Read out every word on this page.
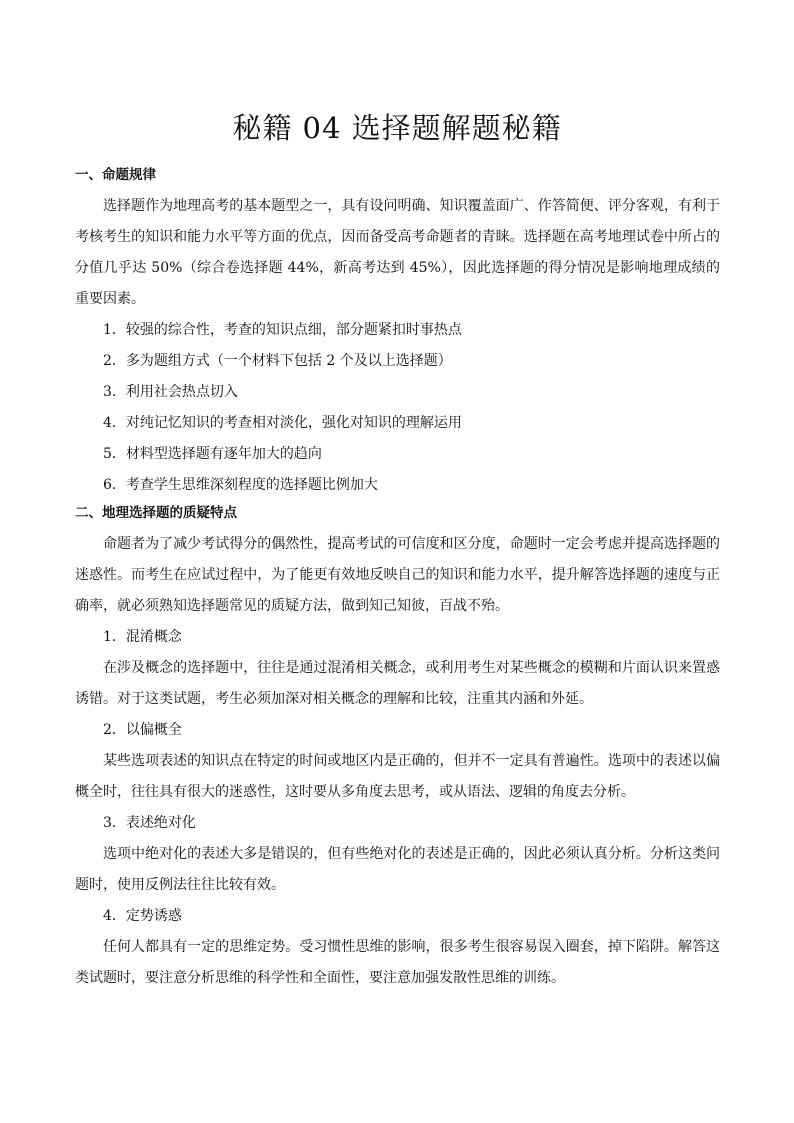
秘籍 04 选择题解题秘籍

一、命题规律

选择题作为地理高考的基本题型之一，具有设问明确、知识覆盖面广、作答简便、评分客观，有利于考核考生的知识和能力水平等方面的优点，因而备受高考命题者的青睐。选择题在高考地理试卷中所占的分值几乎达 50%（综合卷选择题 44%，新高考达到 45%），因此选择题的得分情况是影响地理成绩的重要因素。

1．较强的综合性，考查的知识点细，部分题紧扣时事热点

2．多为题组方式（一个材料下包括 2 个及以上选择题）

3．利用社会热点切入

4．对纯记忆知识的考查相对淡化，强化对知识的理解运用

5．材料型选择题有逐年加大的趋向

6．考查学生思维深刻程度的选择题比例加大

二、地理选择题的质疑特点

命题者为了减少考试得分的偶然性，提高考试的可信度和区分度，命题时一定会考虑并提高选择题的迷惑性。而考生在应试过程中，为了能更有效地反映自己的知识和能力水平，提升解答选择题的速度与正确率，就必须熟知选择题常见的质疑方法，做到知己知彼，百战不殆。

1．混淆概念

在涉及概念的选择题中，往往是通过混淆相关概念，或利用考生对某些概念的模糊和片面认识来置惑诱错。对于这类试题，考生必须加深对相关概念的理解和比较，注重其内涵和外延。

2．以偏概全

某些选项表述的知识点在特定的时间或地区内是正确的，但并不一定具有普遍性。选项中的表述以偏概全时，往往具有很大的迷惑性，这时要从多角度去思考，或从语法、逻辑的角度去分析。

3．表述绝对化

选项中绝对化的表述大多是错误的，但有些绝对化的表述是正确的，因此必须认真分析。分析这类问题时，使用反例法往往比较有效。

4．定势诱惑

任何人都具有一定的思维定势。受习惯性思维的影响，很多考生很容易误入圈套，掉下陷阱。解答这类试题时，要注意分析思维的科学性和全面性，要注意加强发散性思维的训练。
